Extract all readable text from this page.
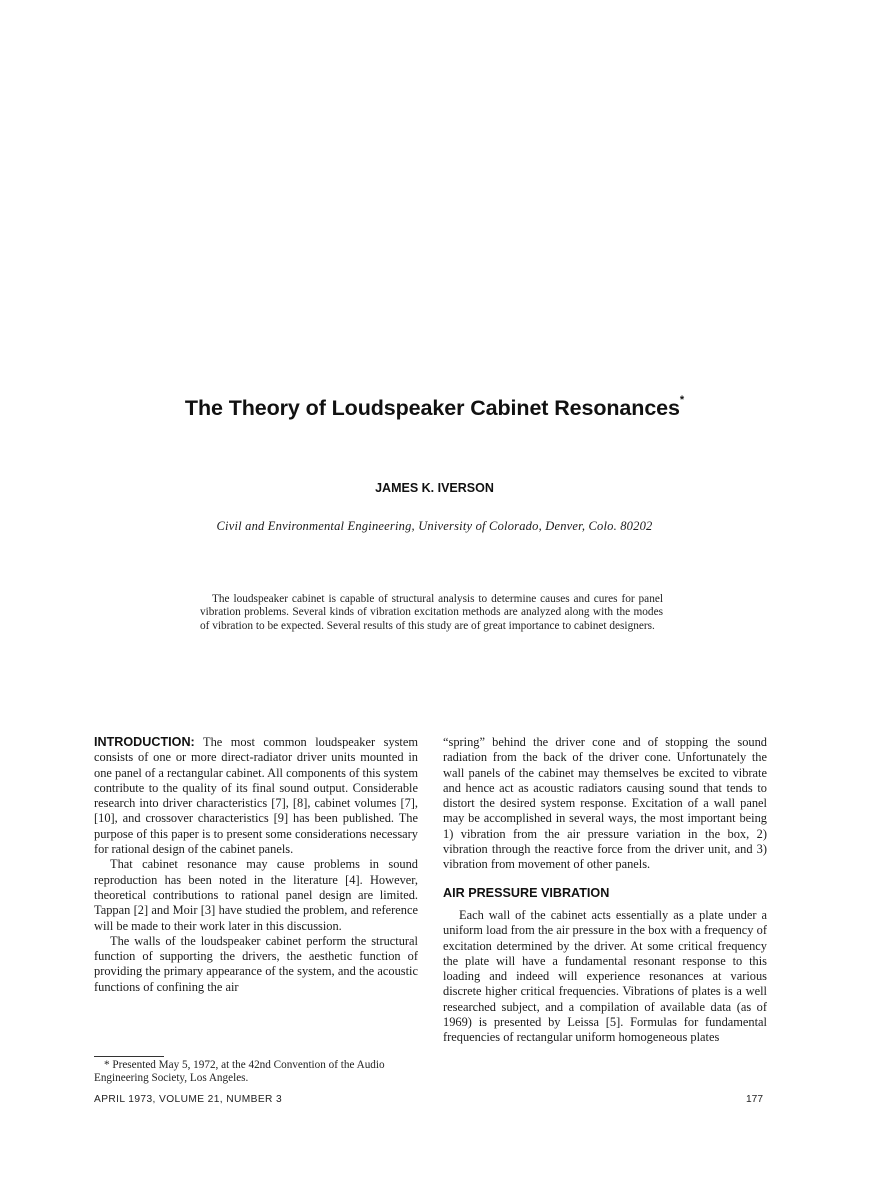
The Theory of Loudspeaker Cabinet Resonances*
JAMES K. IVERSON
Civil and Environmental Engineering, University of Colorado, Denver, Colo. 80202

The loudspeaker cabinet is capable of structural analysis to determine causes and cures for panel vibration problems. Several kinds of vibration excitation methods are analyzed along with the modes of vibration to be expected. Several results of this study are of great importance to cabinet designers.

INTRODUCTION: The most common loudspeaker system consists of one or more direct-radiator driver units mounted in one panel of a rectangular cabinet. All components of this system contribute to the quality of its final sound output. Considerable research into driver characteristics [7], [8], cabinet volumes [7], [10], and crossover characteristics [9] has been published. The purpose of this paper is to present some considerations necessary for rational design of the cabinet panels.

That cabinet resonance may cause problems in sound reproduction has been noted in the literature [4]. However, theoretical contributions to rational panel design are limited. Tappan [2] and Moir [3] have studied the problem, and reference will be made to their work later in this discussion.

The walls of the loudspeaker cabinet perform the structural function of supporting the drivers, the aesthetic function of providing the primary appearance of the system, and the acoustic functions of confining the air

“spring” behind the driver cone and of stopping the sound radiation from the back of the driver cone. Unfortunately the wall panels of the cabinet may themselves be excited to vibrate and hence act as acoustic radiators causing sound that tends to distort the desired system response. Excitation of a wall panel may be accomplished in several ways, the most important being 1) vibration from the air pressure variation in the box, 2) vibration through the reactive force from the driver unit, and 3) vibration from movement of other panels.

AIR PRESSURE VIBRATION

Each wall of the cabinet acts essentially as a plate under a uniform load from the air pressure in the box with a frequency of excitation determined by the driver. At some critical frequency the plate will have a fundamental resonant response to this loading and indeed will experience resonances at various discrete higher critical frequencies. Vibrations of plates is a well researched subject, and a compilation of available data (as of 1969) is presented by Leissa [5]. Formulas for fundamental frequencies of rectangular uniform homogeneous plates

* Presented May 5, 1972, at the 42nd Convention of the Audio Engineering Society, Los Angeles.

APRIL 1973, VOLUME 21, NUMBER 3	177
